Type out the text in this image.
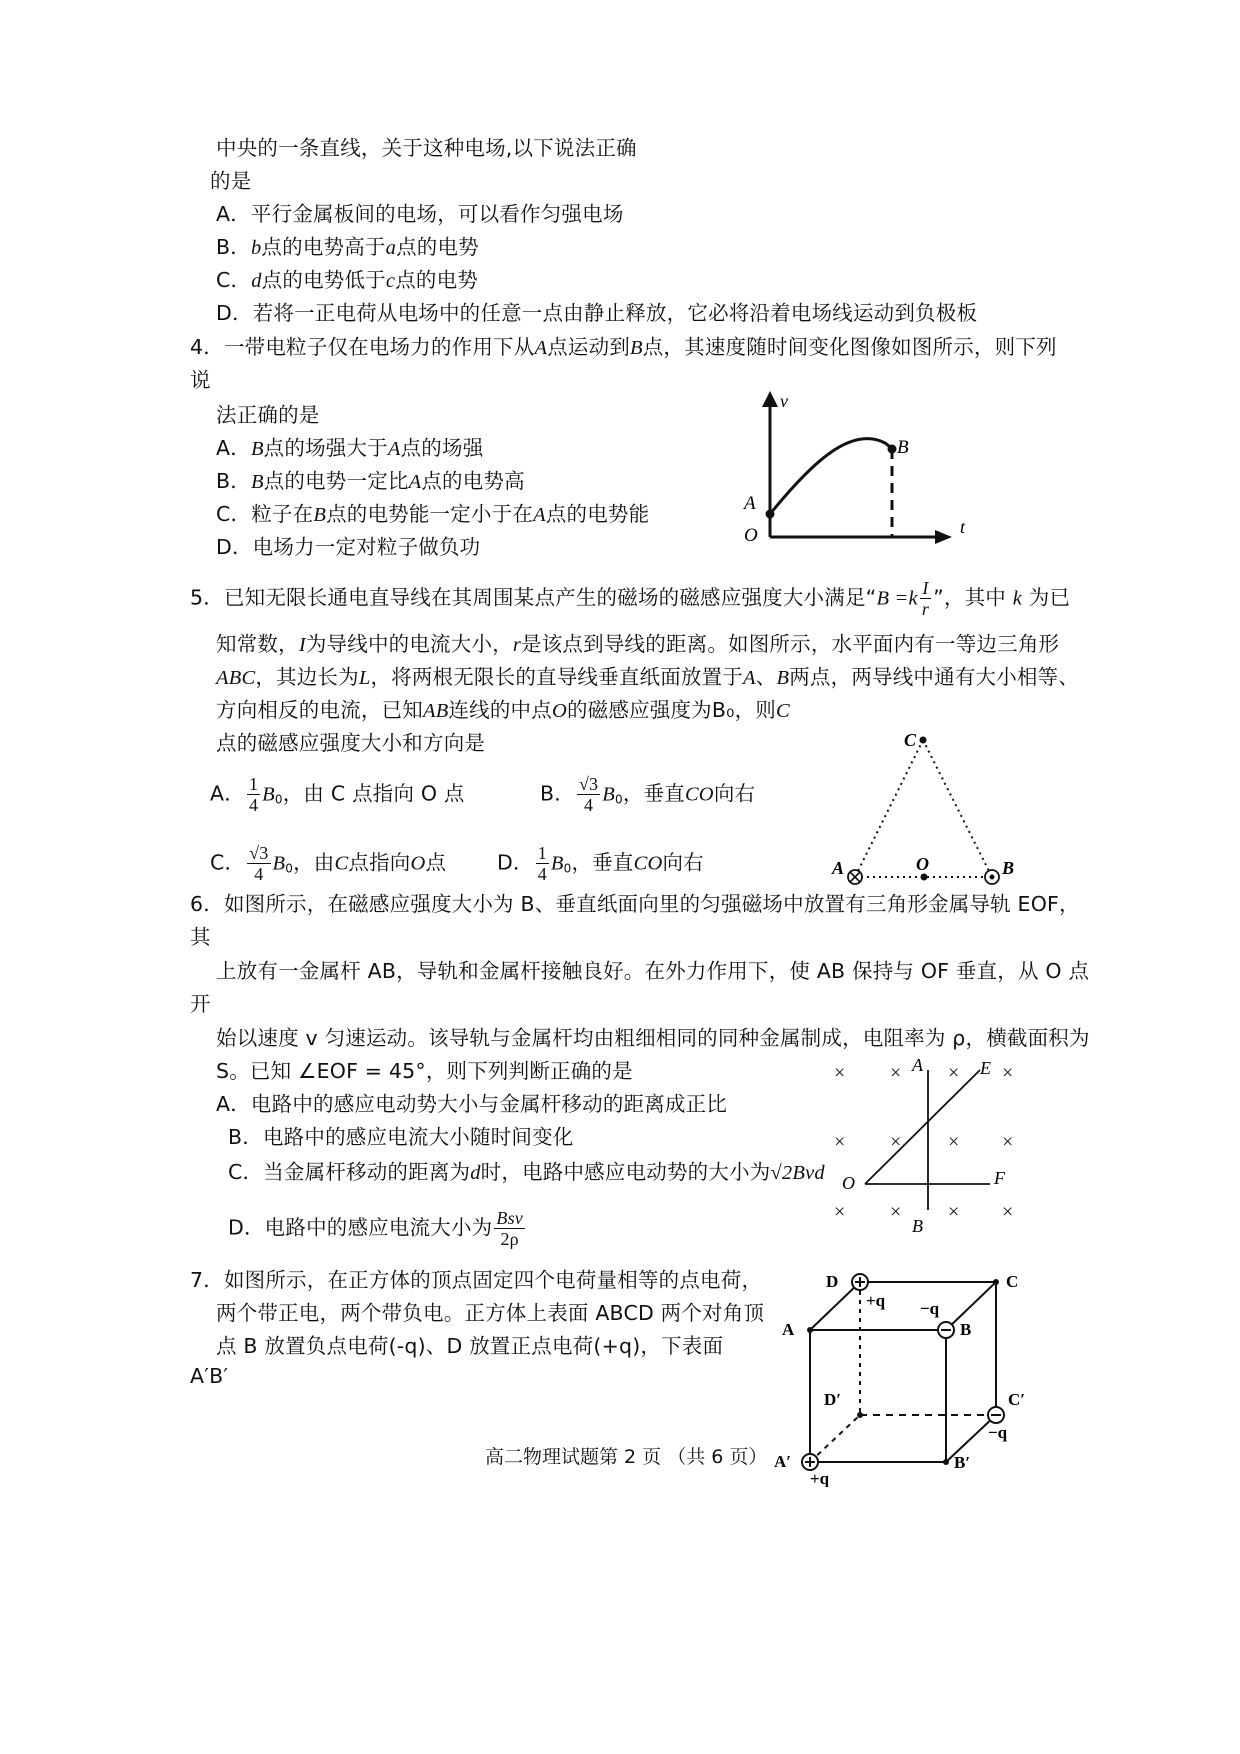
中央的一条直线，关于这种电场,以下说法正确
的是
A．平行金属板间的电场，可以看作匀强电场
B．b点的电势高于a点的电势
C．d点的电势低于c点的电势
D．若将一正电荷从电场中的任意一点由静止释放，它必将沿着电场线运动到负极板
4．一带电粒子仅在电场力的作用下从A点运动到B点，其速度随时间变化图像如图所示，则下列
说
法正确的是
A．B点的场强大于A点的场强
B．B点的电势一定比A点的电势高
C．粒子在B点的电势能一定小于在A点的电势能
D．电场力一定对粒子做负功
v
t
A
O
B
5．已知无限长通电直导线在其周围某点产生的磁场的磁感应强度大小满足“$B =k \frac{I}{r}$ ”，其中 k 为已
知常数，I为导线中的电流大小，r是该点到导线的距离。如图所示，水平面内有一等边三角形
ABC，其边长为L，将两根无限长的直导线垂直纸面放置于A、B两点，两导线中通有大小相等、
方向相反的电流，已知AB连线的中点O的磁感应强度为B₀，则C
点的磁感应强度大小和方向是
A． $\frac{1}{4} B_0$，由 C 点指向 O 点	B． $\frac{√3}{4} B_0$，垂直CO向右
C． $\frac{√3}{4} B_0$，由C点指向O点 D． $\frac{1}{4} B_0$，垂直CO向右
C
A	O	B
6．如图所示，在磁感应强度大小为 B、垂直纸面向里的匀强磁场中放置有三角形金属导轨 EOF，
其
上放有一金属杆 AB，导轨和金属杆接触良好。在外力作用下，使 AB 保持与 OF 垂直，从 O 点
开
始以速度 v 匀速运动。该导轨与金属杆均由粗细相同的同种金属制成，电阻率为 ρ，横截面积为
S。已知 ∠EOF = 45°，则下列判断正确的是
A．电路中的感应电动势大小与金属杆移动的距离成正比
B．电路中的感应电流大小随时间变化
C．当金属杆移动的距离为d时，电路中感应电动势的大小为√2Bvd
D．电路中的感应电流大小为 $\frac{\text{Bsv}}{2\rho}$
× × × ×
× × × ×
× × × ×
A	E
O	F
B
7．如图所示，在正方体的顶点固定四个电荷量相等的点电荷，
两个带正电，两个带负电。正方体上表面 ABCD 两个对角顶
点 B 放置负点电荷(-q)、D 放置正点电荷(+q)，下表面
A′B′
D	C
A	B
D′	C′
A′	B′
+q −q
−q
+q
高二物理试题第 2 页 （共 6 页）
